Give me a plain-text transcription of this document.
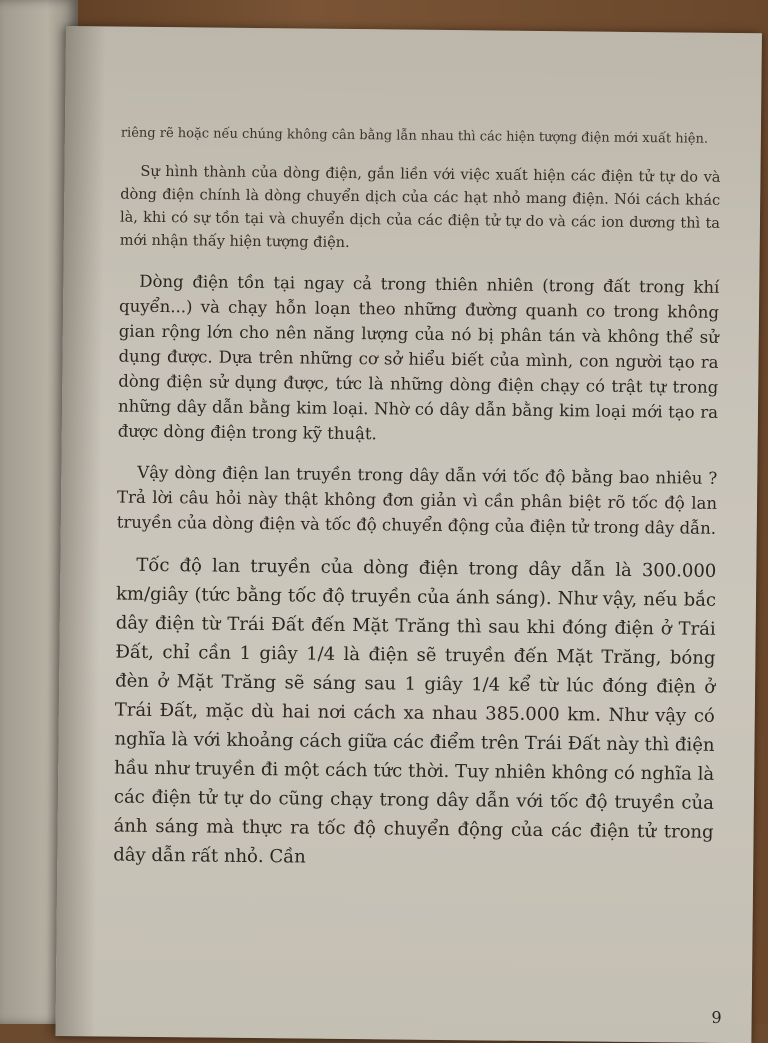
riêng rẽ hoặc nếu chúng không cân bằng lẫn nhau thì các hiện tượng điện mới xuất hiện.

Sự hình thành của dòng điện, gắn liền với việc xuất hiện các điện tử tự do và dòng điện chính là dòng chuyển dịch của các hạt nhỏ mang điện. Nói cách khác là, khi có sự tồn tại và chuyển dịch của các điện tử tự do và các ion dương thì ta mới nhận thấy hiện tượng điện.

Dòng điện tồn tại ngay cả trong thiên nhiên (trong đất trong khí quyển...) và chạy hỗn loạn theo những đường quanh co trong không gian rộng lớn cho nên năng lượng của nó bị phân tán và không thể sử dụng được. Dựa trên những cơ sở hiểu biết của mình, con người tạo ra dòng điện sử dụng được, tức là những dòng điện chạy có trật tự trong những dây dẫn bằng kim loại. Nhờ có dây dẫn bằng kim loại mới tạo ra được dòng điện trong kỹ thuật.

Vậy dòng điện lan truyền trong dây dẫn với tốc độ bằng bao nhiêu ? Trả lời câu hỏi này thật không đơn giản vì cần phân biệt rõ tốc độ lan truyền của dòng điện và tốc độ chuyển động của điện tử trong dây dẫn.

Tốc độ lan truyền của dòng điện trong dây dẫn là 300.000 km/giây (tức bằng tốc độ truyền của ánh sáng). Như vậy, nếu bắc dây điện từ Trái Đất đến Mặt Trăng thì sau khi đóng điện ở Trái Đất, chỉ cần 1 giây 1/4 là điện sẽ truyền đến Mặt Trăng, bóng đèn ở Mặt Trăng sẽ sáng sau 1 giây 1/4 kể từ lúc đóng điện ở Trái Đất, mặc dù hai nơi cách xa nhau 385.000 km. Như vậy có nghĩa là với khoảng cách giữa các điểm trên Trái Đất này thì điện hầu như truyền đi một cách tức thời. Tuy nhiên không có nghĩa là các điện tử tự do cũng chạy trong dây dẫn với tốc độ truyền của ánh sáng mà thực ra tốc độ chuyển động của các điện tử trong dây dẫn rất nhỏ. Cần

9
